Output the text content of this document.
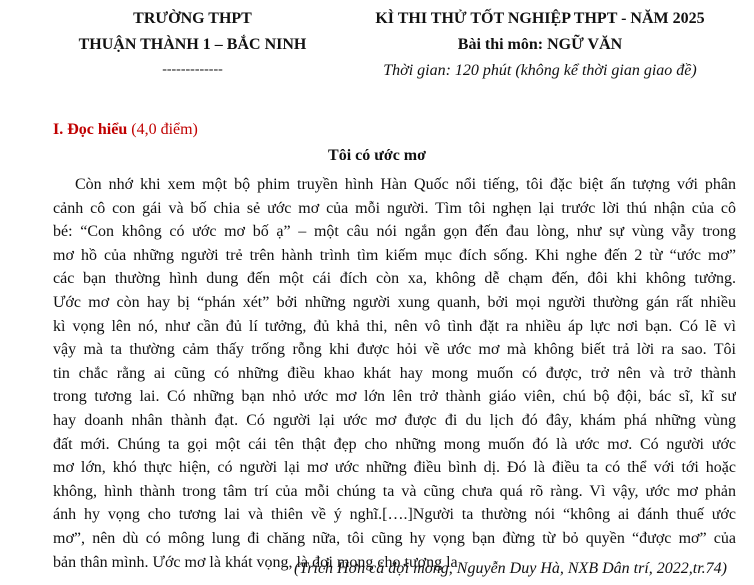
TRƯỜNG THPT
THUẬN THÀNH 1 – BẮC NINH
-------------
KÌ THI THỬ TỐT NGHIỆP THPT - NĂM 2025
Bài thi môn: NGỮ VĂN
Thời gian: 120 phút (không kể thời gian giao đề)
I. Đọc hiểu (4,0 điểm)
Tôi có ước mơ
Còn nhớ khi xem một bộ phim truyền hình Hàn Quốc nổi tiếng, tôi đặc biệt ấn tượng với phân
cảnh cô con gái và bố chia sẻ ước mơ của mỗi người. Tìm tôi nghẹn lại trước lời thú nhận của cô
bé: “Con không có ước mơ bố ạ” – một câu nói ngắn gọn đến đau lòng, như sự vùng vẫy trong
mơ hồ của những người trẻ trên hành trình tìm kiếm mục đích sống. Khi nghe đến 2 từ “ước mơ”
các bạn thường hình dung đến một cái đích còn xa, không dễ chạm đến, đôi khi không tưởng.
Ước mơ còn hay bị “phán xét” bởi những người xung quanh, bởi mọi người thường gán rất nhiều
kì vọng lên nó, như cần đủ lí tưởng, đủ khả thi, nên vô tình đặt ra nhiều áp lực nơi bạn. Có lẽ vì
vậy mà ta thường cảm thấy trống rỗng khi được hỏi về ước mơ mà không biết trả lời ra sao. Tôi
tin chắc rằng ai cũng có những điều khao khát hay mong muốn có được, trở nên và trở thành
trong tương lai. Có những bạn nhỏ ước mơ lớn lên trở thành giáo viên, chú bộ đội, bác sĩ, kĩ sư
hay doanh nhân thành đạt. Có người lại ước mơ được đi du lịch đó đây, khám phá những vùng
đất mới. Chúng ta gọi một cái tên thật đẹp cho những mong muốn đó là ước mơ. Có người ước
mơ lớn, khó thực hiện, có người lại mơ ước những điều bình dị. Đó là điều ta có thể với tới hoặc
không, hình thành trong tâm trí của mỗi chúng ta và cũng chưa quá rõ ràng. Vì vậy, ước mơ phản
ánh hy vọng cho tương lai và thiên về ý nghĩ.[….]Người ta thường nói “không ai đánh thuế ước
mơ”, nên dù có mông lung đi chăng nữa, tôi cũng hy vọng bạn đừng từ bỏ quyền “được mơ” của
bản thân mình. Ước mơ là khát vọng, là đợi mong cho tương la
(Trích Hơn cả đợi mong, Nguyễn Duy Hà, NXB Dân trí, 2022,tr.74)
